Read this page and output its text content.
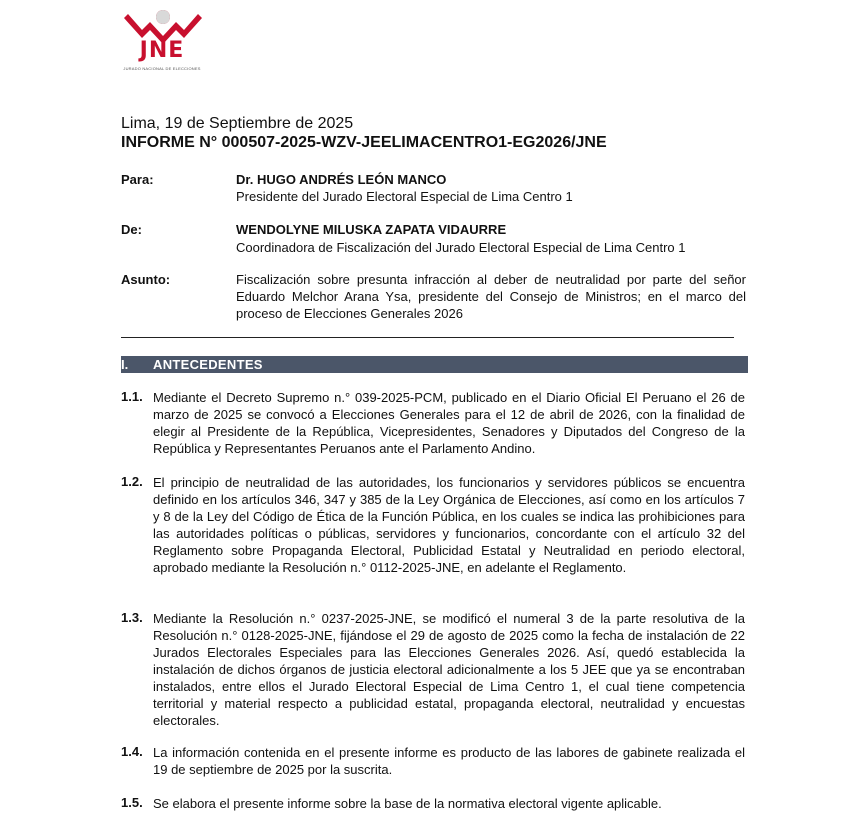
JNE
JURADO NACIONAL DE ELECCIONES
Lima, 19 de Septiembre de 2025
INFORME N° 000507-2025-WZV-JEELIMACENTRO1-EG2026/JNE
Para:	Dr. HUGO ANDRÉS LEÓN MANCO
Presidente del Jurado Electoral Especial de Lima Centro 1
De:	WENDOLYNE MILUSKA ZAPATA VIDAURRE
Coordinadora de Fiscalización del Jurado Electoral Especial de Lima Centro 1
Asunto:	Fiscalización sobre presunta infracción al deber de neutralidad por parte del señor Eduardo Melchor Arana Ysa, presidente del Consejo de Ministros; en el marco del proceso de Elecciones Generales 2026
I. ANTECEDENTES
1.1. Mediante el Decreto Supremo n.° 039-2025-PCM, publicado en el Diario Oficial El Peruano el 26 de marzo de 2025 se convocó a Elecciones Generales para el 12 de abril de 2026, con la finalidad de elegir al Presidente de la República, Vicepresidentes, Senadores y Diputados del Congreso de la República y Representantes Peruanos ante el Parlamento Andino.
1.2. El principio de neutralidad de las autoridades, los funcionarios y servidores públicos se encuentra definido en los artículos 346, 347 y 385 de la Ley Orgánica de Elecciones, así como en los artículos 7 y 8 de la Ley del Código de Ética de la Función Pública, en los cuales se indica las prohibiciones para las autoridades políticas o públicas, servidores y funcionarios, concordante con el artículo 32 del Reglamento sobre Propaganda Electoral, Publicidad Estatal y Neutralidad en periodo electoral, aprobado mediante la Resolución n.° 0112-2025-JNE, en adelante el Reglamento.
1.3. Mediante la Resolución n.° 0237-2025-JNE, se modificó el numeral 3 de la parte resolutiva de la Resolución n.° 0128-2025-JNE, fijándose el 29 de agosto de 2025 como la fecha de instalación de 22 Jurados Electorales Especiales para las Elecciones Generales 2026. Así, quedó establecida la instalación de dichos órganos de justicia electoral adicionalmente a los 5 JEE que ya se encontraban instalados, entre ellos el Jurado Electoral Especial de Lima Centro 1, el cual tiene competencia territorial y material respecto a publicidad estatal, propaganda electoral, neutralidad y encuestas electorales.
1.4. La información contenida en el presente informe es producto de las labores de gabinete realizada el 19 de septiembre de 2025 por la suscrita.
1.5. Se elabora el presente informe sobre la base de la normativa electoral vigente aplicable.
